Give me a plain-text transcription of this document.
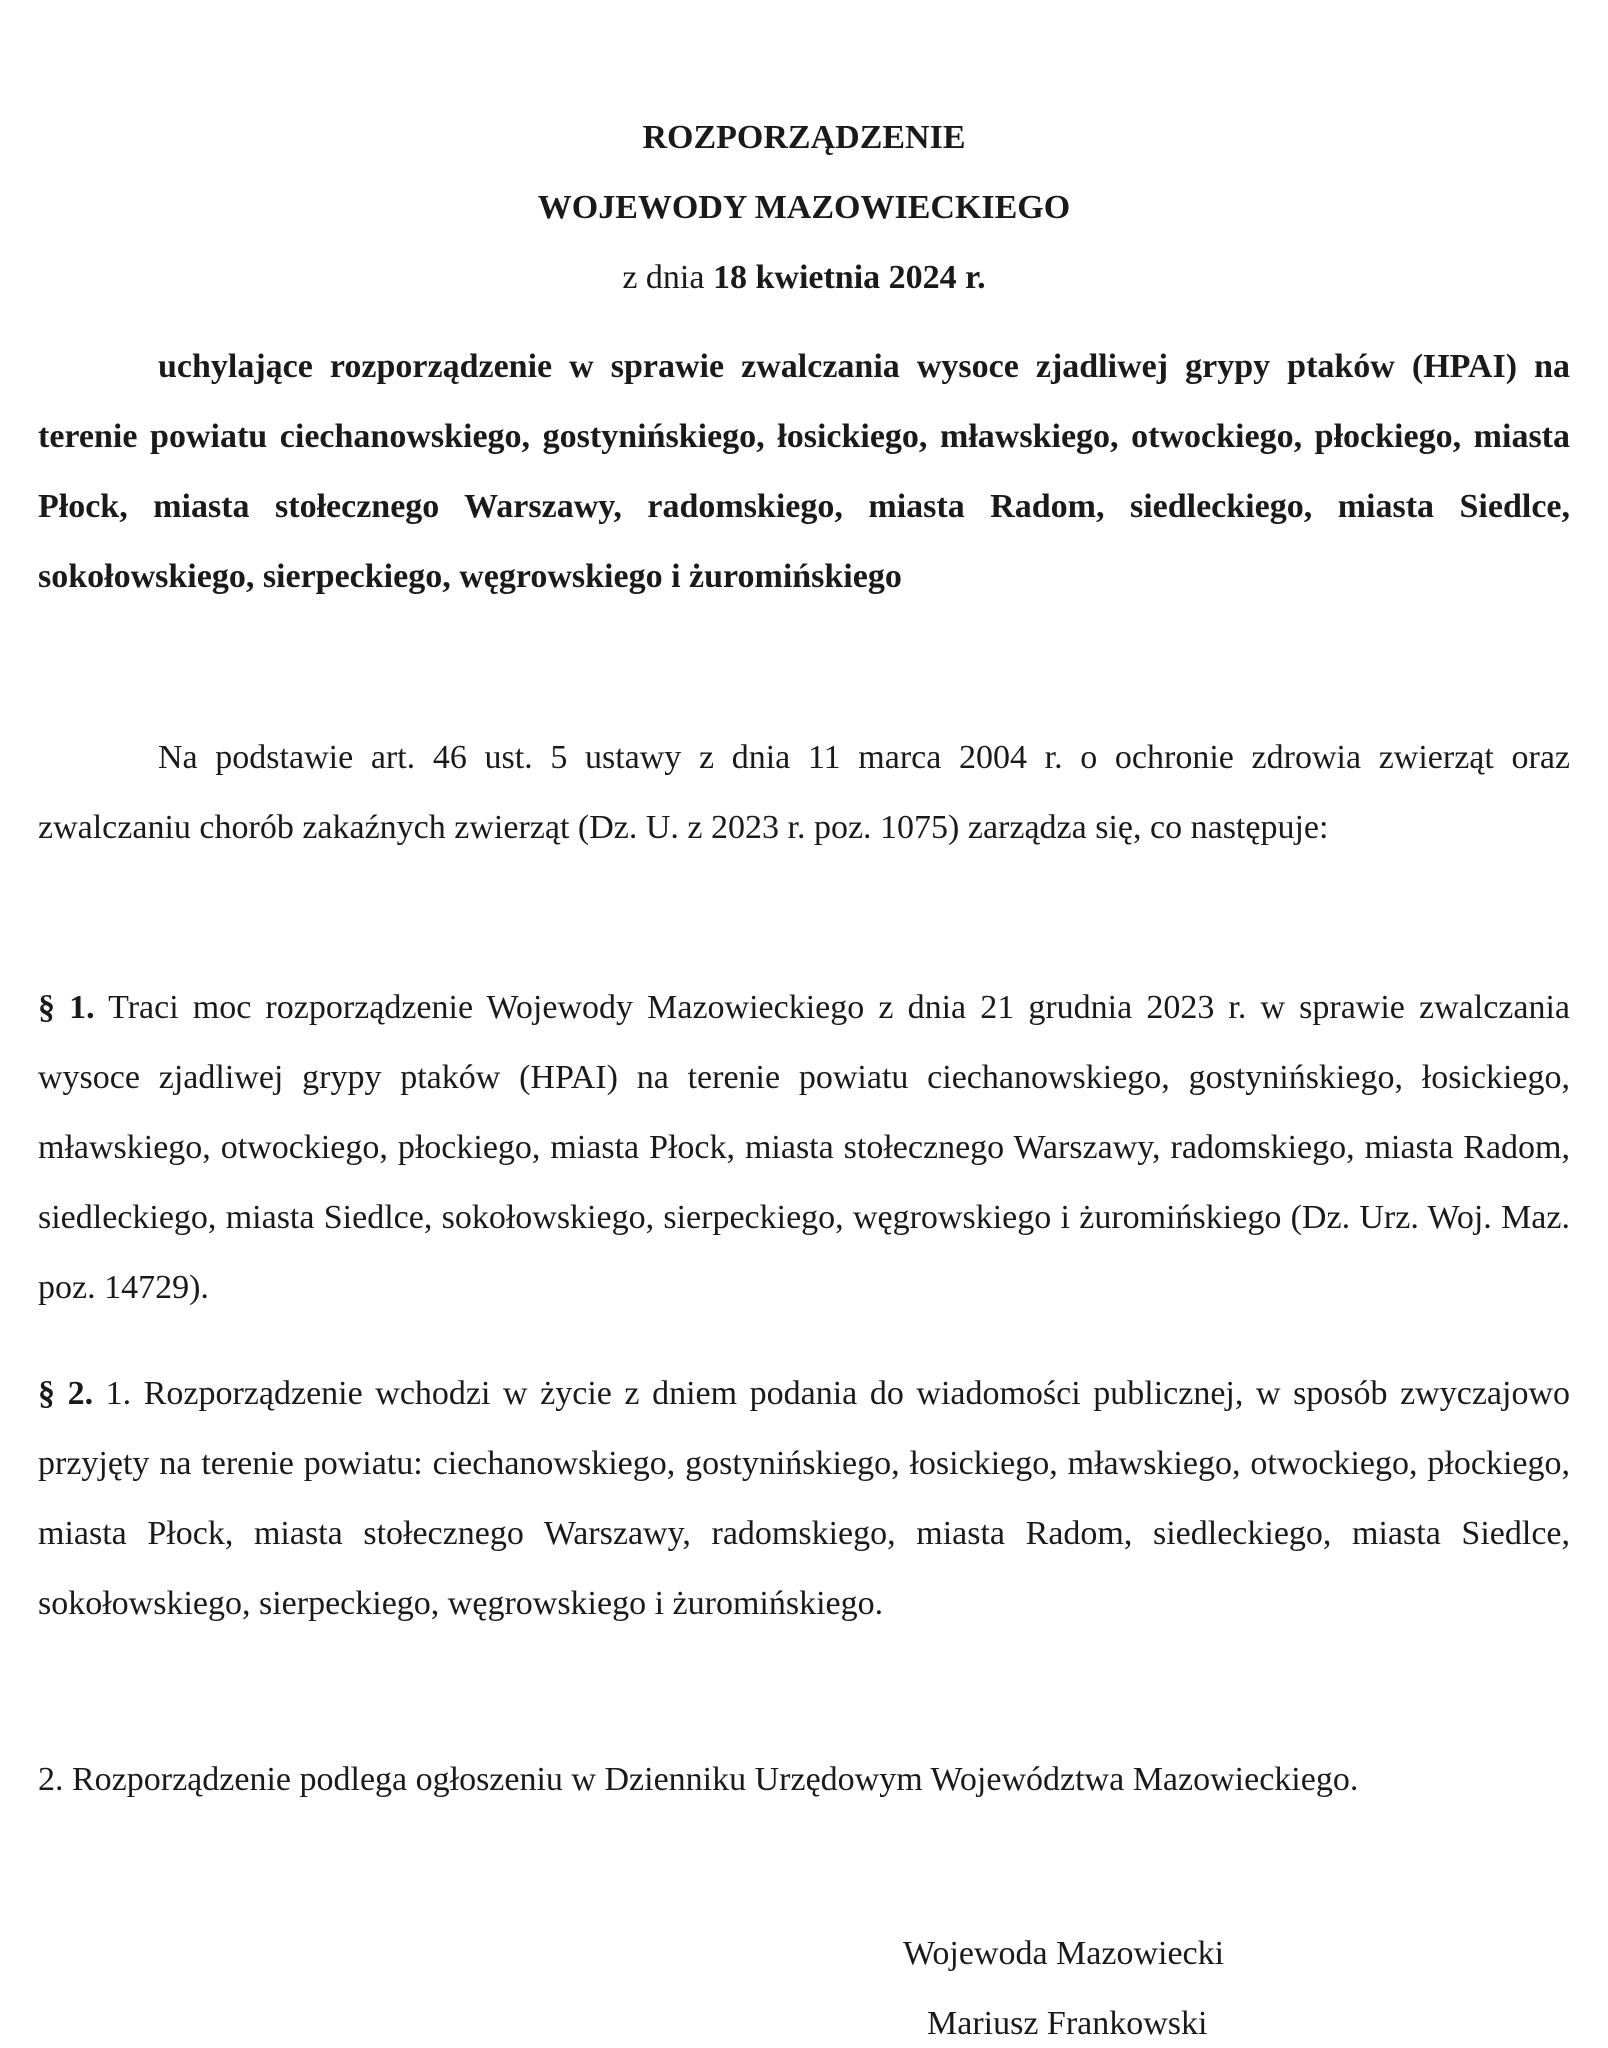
ROZPORZĄDZENIE
WOJEWODY MAZOWIECKIEGO
z dnia 18 kwietnia 2024 r.
uchylające rozporządzenie w sprawie zwalczania wysoce zjadliwej grypy ptaków (HPAI) na terenie powiatu ciechanowskiego, gostynińskiego, łosickiego, mławskiego, otwockiego, płockiego, miasta Płock, miasta stołecznego Warszawy, radomskiego, miasta Radom, siedleckiego, miasta Siedlce, sokołowskiego, sierpeckiego, węgrowskiego i żuromińskiego
Na podstawie art. 46 ust. 5 ustawy z dnia 11 marca 2004 r. o ochronie zdrowia zwierząt oraz zwalczaniu chorób zakaźnych zwierząt (Dz. U. z 2023 r. poz. 1075) zarządza się, co następuje:
§ 1. Traci moc rozporządzenie Wojewody Mazowieckiego z dnia 21 grudnia 2023 r. w sprawie zwalczania wysoce zjadliwej grypy ptaków (HPAI) na terenie powiatu ciechanowskiego, gostynińskiego, łosickiego, mławskiego, otwockiego, płockiego, miasta Płock, miasta stołecznego Warszawy, radomskiego, miasta Radom, siedleckiego, miasta Siedlce, sokołowskiego, sierpeckiego, węgrowskiego i żuromińskiego (Dz. Urz. Woj. Maz. poz. 14729).
§ 2. 1. Rozporządzenie wchodzi w życie z dniem podania do wiadomości publicznej, w sposób zwyczajowo przyjęty na terenie powiatu: ciechanowskiego, gostynińskiego, łosickiego, mławskiego, otwockiego, płockiego, miasta Płock, miasta stołecznego Warszawy, radomskiego, miasta Radom, siedleckiego, miasta Siedlce, sokołowskiego, sierpeckiego, węgrowskiego i żuromińskiego.
2. Rozporządzenie podlega ogłoszeniu w Dzienniku Urzędowym Województwa Mazowieckiego.
Wojewoda Mazowiecki
Mariusz Frankowski
